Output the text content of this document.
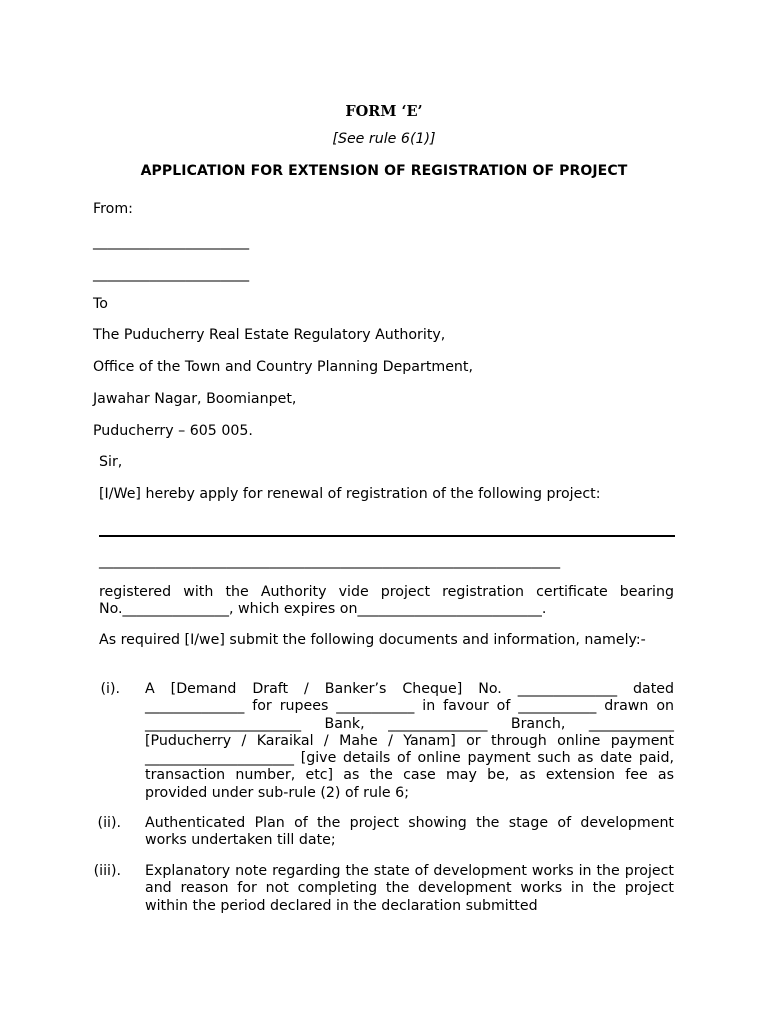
FORM ‘E’
[See rule 6(1)]
APPLICATION FOR EXTENSION OF REGISTRATION OF PROJECT
From:
______________________
______________________
To
The Puducherry Real Estate Regulatory Authority,
Office of the Town and Country Planning Department,
Jawahar Nagar, Boomianpet,
Puducherry – 605 005.
Sir,
[I/We] hereby apply for renewal of registration of the following project:
_________________________________________________________________
registered with the Authority vide project registration certificate bearing No._______________, which expires on__________________________.
As required [I/we] submit the following documents and information, namely:-
(i). A [Demand Draft / Banker’s Cheque] No. ______________ dated ______________ for rupees ___________ in favour of ___________ drawn on ______________________ Bank, ______________ Branch, ____________ [Puducherry / Karaikal / Mahe / Yanam] or through online payment _____________________ [give details of online payment such as date paid, transaction number, etc] as the case may be, as extension fee as provided under sub-rule (2) of rule 6;
(ii). Authenticated Plan of the project showing the stage of development works undertaken till date;
(iii). Explanatory note regarding the state of development works in the project and reason for not completing the development works in the project within the period declared in the declaration submitted
